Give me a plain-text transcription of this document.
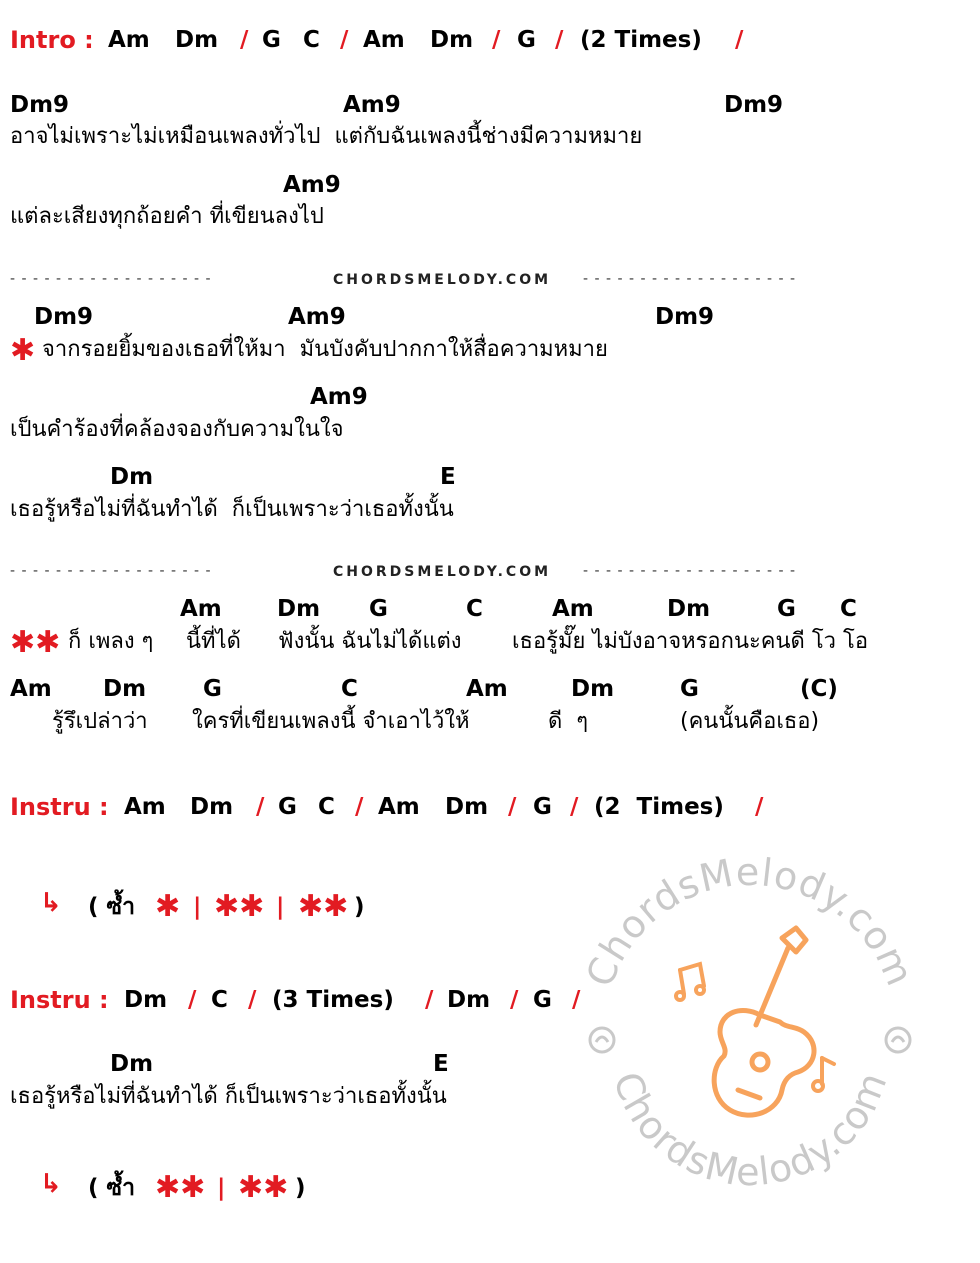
Intro : Am Dm / G C / Am Dm / G / (2 Times) /
Dm9	Am9	Dm9
อาจไม่เพราะไม่เหมือนเพลงทั่วไป  แต่กับฉันเพลงนี้ช่างมีความหมาย
Am9
แต่ละเสียงทุกถ้อยคำ ที่เขียนลงไป
- - - - - - - - - - - - - - - - - -	CHORDSMELODY.COM - - - - - - - - - - - - - - - - - - -
Dm9	Am9	Dm9
✱ จากรอยยิ้มของเธอที่ให้มา  มันบังคับปากกาให้สื่อความหมาย
Am9
เป็นคำร้องที่คล้องจองกับความในใจ
Dm	E
เธอรู้หรือไม่ที่ฉันทำได้  ก็เป็นเพราะว่าเธอทั้งนั้น
- - - - - - - - - - - - - - - - - -	CHORDSMELODY.COM - - - - - - - - - - - - - - - - - - -
Am Dm G	C	Am	Dm	G C
✱✱ ก็ เพลง ๆ นี้ที่ได้ ฟังนั้น ฉันไม่ได้แต่ง เธอรู้มั๊ย ไม่บังอาจหรอกนะคนดี โว โอ
Am Dm G	C	Am	Dm	G	(C)
รู้รึเปล่าว่า ใครที่เขียนเพลงนี้ จำเอาไว้ให้	ดี  ๆ	(คนนั้นคือเธอ)
Instru : Am Dm / G C / Am Dm / G / (2  Times) /
↳ ( ซ้ำ ✱ | ✱✱ | ✱✱ )
Instru : Dm / C / (3 Times) / Dm / G /
Dm	E
เธอรู้หรือไม่ที่ฉันทำได้ ก็เป็นเพราะว่าเธอทั้งนั้น
↳ ( ซ้ำ ✱✱ | ✱✱ )
ChordsMelody.com
ChordsMelody.com
